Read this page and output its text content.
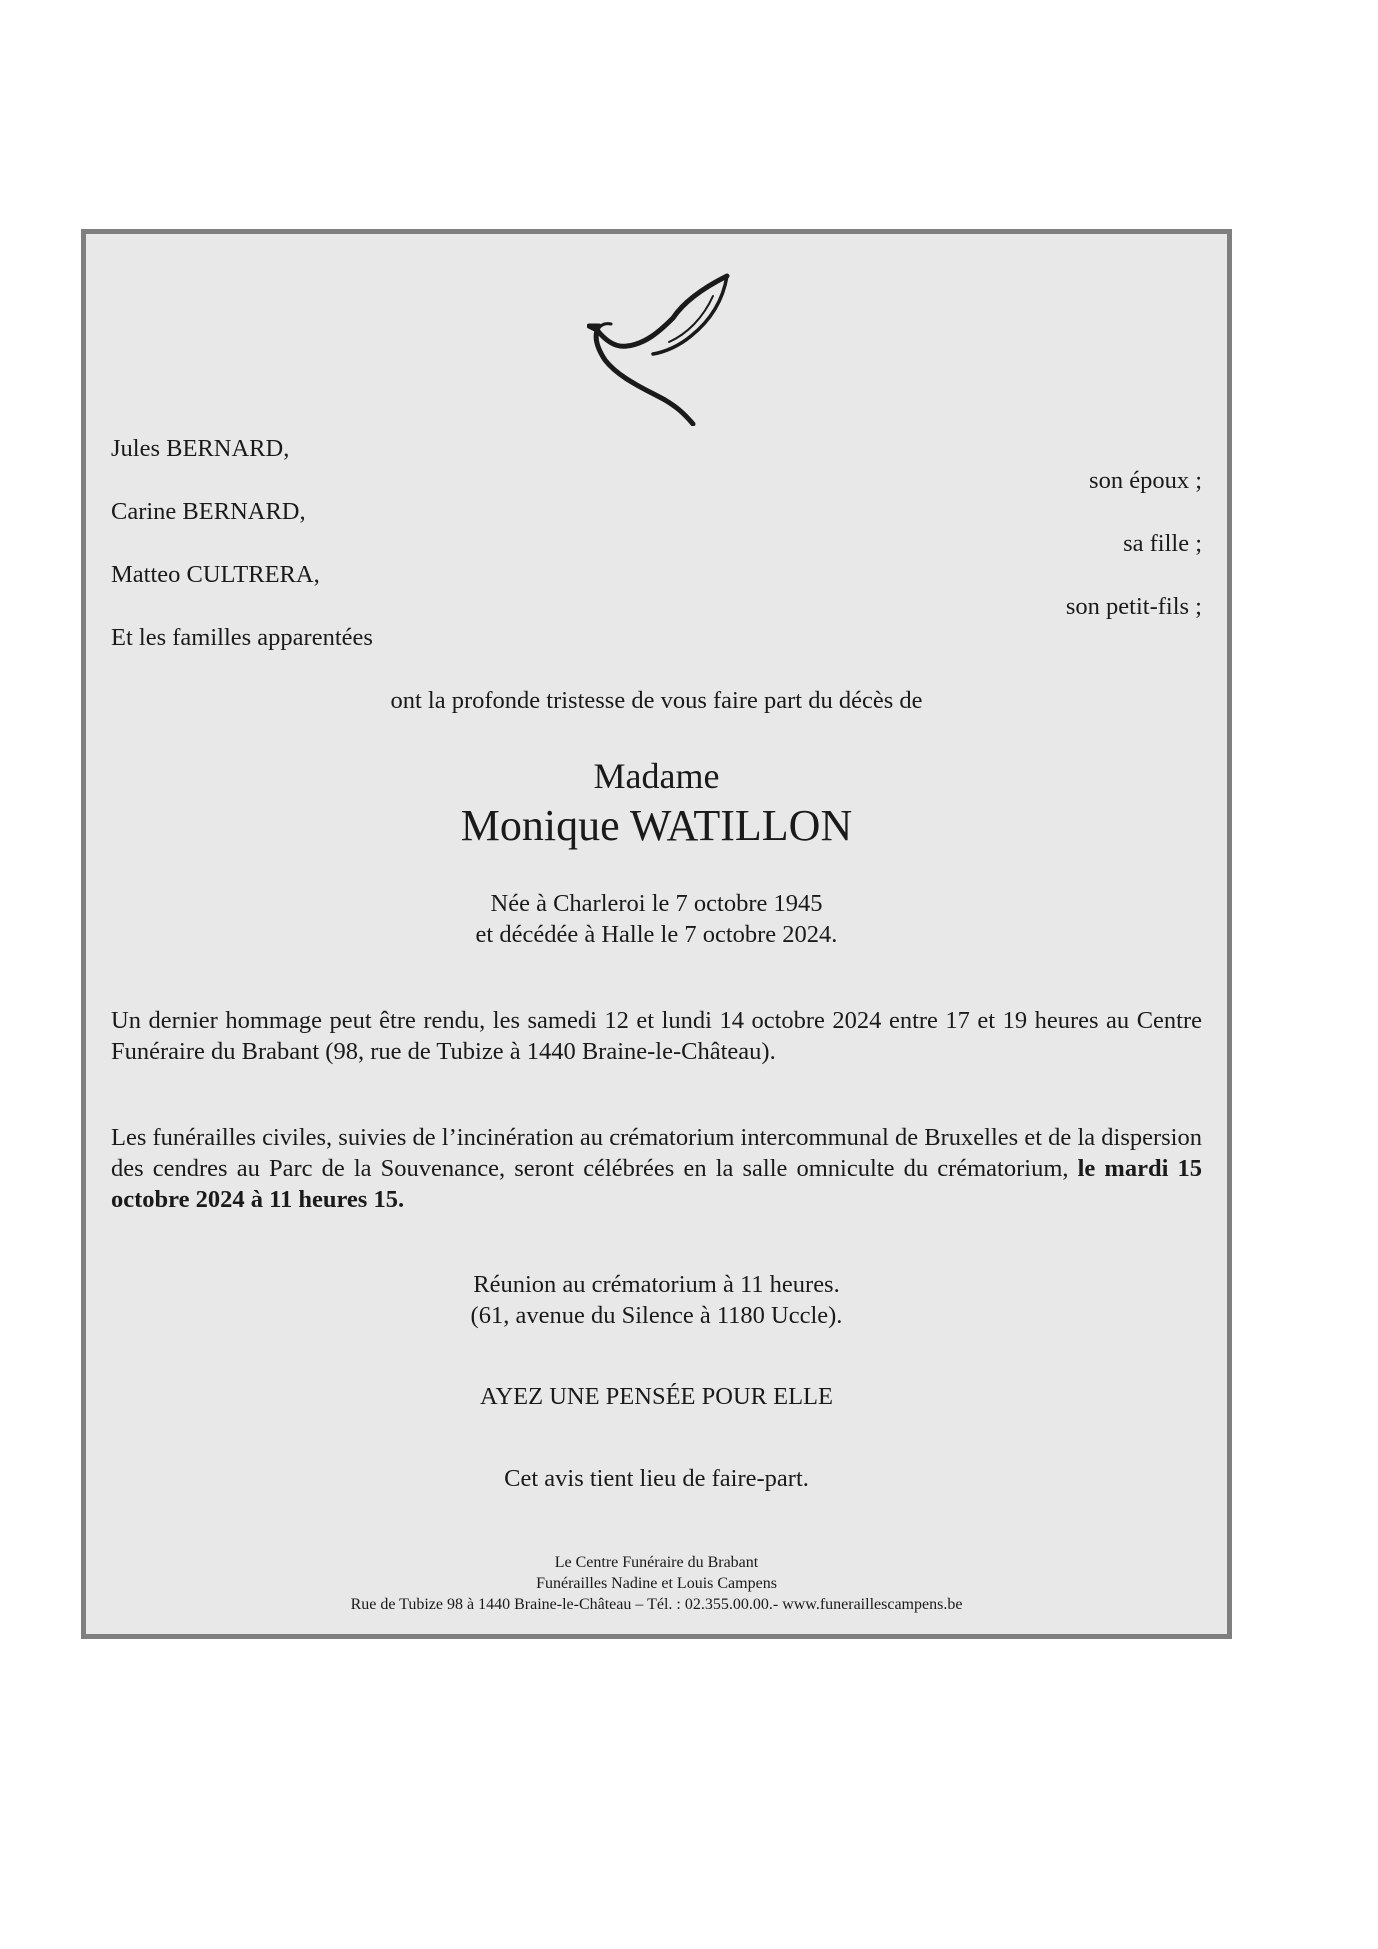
Jules BERNARD,
son époux ;
Carine BERNARD,
sa fille ;
Matteo CULTRERA,
son petit-fils ;
Et les familles apparentées
ont la profonde tristesse de vous faire part du décès de
Madame
Monique WATILLON
Née à Charleroi le 7 octobre 1945
et décédée à Halle le 7 octobre 2024.
Un dernier hommage peut être rendu, les samedi 12 et lundi 14 octobre 2024 entre 17 et 19 heures au Centre Funéraire du Brabant (98, rue de Tubize à 1440 Braine-le-Château).
Les funérailles civiles, suivies de l’incinération au crématorium intercommunal de Bruxelles et de la dispersion des cendres au Parc de la Souvenance, seront célébrées en la salle omniculte du crématorium, le mardi 15 octobre 2024 à 11 heures 15.
Réunion au crématorium à 11 heures.
(61, avenue du Silence à 1180 Uccle).
AYEZ UNE PENSÉE POUR ELLE
Cet avis tient lieu de faire-part.
Le Centre Funéraire du Brabant
Funérailles Nadine et Louis Campens
Rue de Tubize 98 à 1440 Braine-le-Château – Tél. : 02.355.00.00.- www.funeraillescampens.be
